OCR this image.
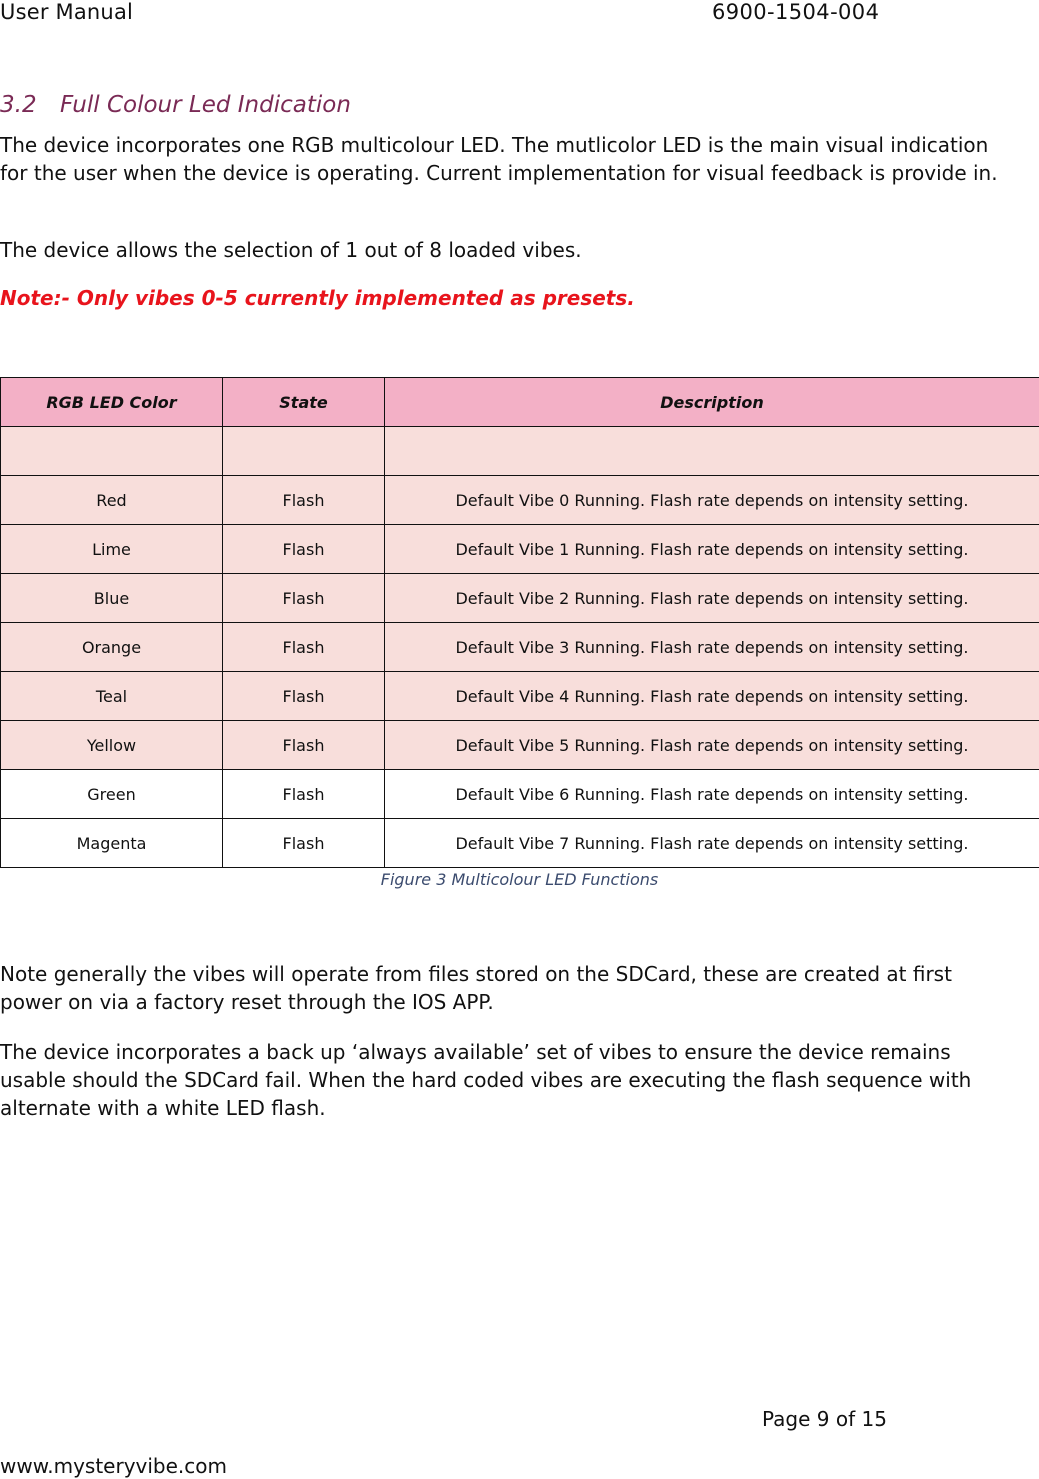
User Manual	6900-1504-004
3.2 Full Colour Led Indication

The device incorporates one RGB multicolour LED. The mutlicolor LED is the main visual indication for the user when the device is operating. Current implementation for visual feedback is provide in.

The device allows the selection of 1 out of 8 loaded vibes.

Note:- Only vibes 0-5 currently implemented as presets.
RGB LED Color	State	Description

Red	Flash	Default Vibe 0 Running. Flash rate depends on intensity setting.
Lime	Flash	Default Vibe 1 Running. Flash rate depends on intensity setting.
Blue	Flash	Default Vibe 2 Running. Flash rate depends on intensity setting.
Orange	Flash	Default Vibe 3 Running. Flash rate depends on intensity setting.
Teal	Flash	Default Vibe 4 Running. Flash rate depends on intensity setting.
Yellow	Flash	Default Vibe 5 Running. Flash rate depends on intensity setting.
Green	Flash	Default Vibe 6 Running. Flash rate depends on intensity setting.
Magenta	Flash	Default Vibe 7 Running. Flash rate depends on intensity setting.
Figure 3 Multicolour LED Functions

Note generally the vibes will operate from files stored on the SDCard, these are created at first power on via a factory reset through the IOS APP.

The device incorporates a back up ‘always available’ set of vibes to ensure the device remains usable should the SDCard fail. When the hard coded vibes are executing the flash sequence with alternate with a white LED flash.

Page 9 of 15
www.mysteryvibe.com
